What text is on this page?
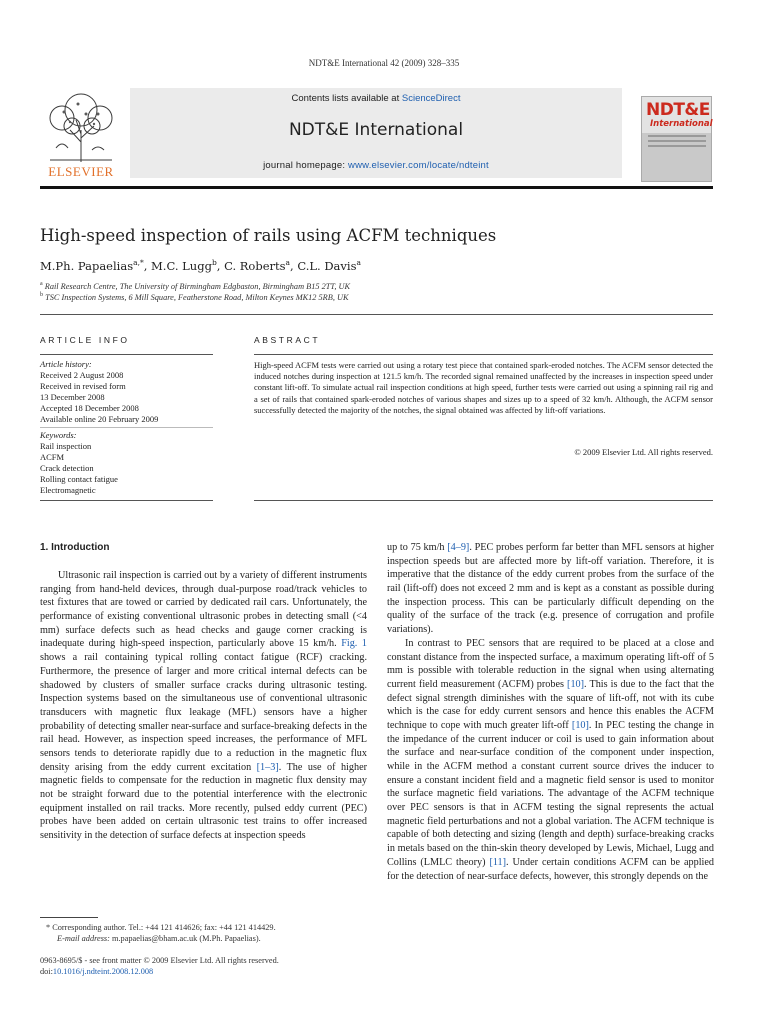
NDT&E International 42 (2009) 328–335
ELSEVIER
Contents lists available at ScienceDirect
NDT&E International
journal homepage: www.elsevier.com/locate/ndteint
NDT&E
International
High-speed inspection of rails using ACFM techniques
M.Ph. Papaelias$^{a,*}$, M.C. Lugg$^b$, C. Roberts$^a$, C.L. Davis$^a$
$^a$ Rail Research Centre, The University of Birmingham Edgbaston, Birmingham B15 2TT, UK
$^b$ TSC Inspection Systems, 6 Mill Square, Featherstone Road, Milton Keynes MK12 5RB, UK
ARTICLE INFO	ABSTRACT
Article history:
Received 2 August 2008
Received in revised form
13 December 2008
Accepted 18 December 2008
Available online 20 February 2009
Keywords:
Rail inspection
ACFM
Crack detection
Rolling contact fatigue
Electromagnetic
High-speed ACFM tests were carried out using a rotary test piece that contained spark-eroded notches. The ACFM sensor detected the induced notches during inspection at 121.5 km/h. The recorded signal remained unaffected by the increases in inspection speed under constant lift-off. To simulate actual rail inspection conditions at high speed, further tests were carried out using a spinning rail rig and a set of rails that contained spark-eroded notches of various shapes and sizes up to a speed of 32 km/h. Although, the ACFM sensor successfully detected the majority of the notches, the signal obtained was affected by lift-off variations.
© 2009 Elsevier Ltd. All rights reserved.
1. Introduction

Ultrasonic rail inspection is carried out by a variety of different instruments ranging from hand-held devices, through dual-purpose road/track vehicles to test fixtures that are towed or carried by dedicated rail cars. Unfortunately, the performance of existing conventional ultrasonic probes in detecting small (<4 mm) surface defects such as head checks and gauge corner cracking is inadequate during high-speed inspection, particularly above 15 km/h. Fig. 1 shows a rail containing typical rolling contact fatigue (RCF) cracking. Furthermore, the presence of larger and more critical internal defects can be shadowed by clusters of smaller surface cracks during ultrasonic testing. Inspection systems based on the simultaneous use of conventional ultrasonic transducers with magnetic flux leakage (MFL) sensors have a higher probability of detecting smaller near-surface and surface-breaking defects in the rail head. However, as inspection speed increases, the performance of MFL sensors tends to deteriorate rapidly due to a reduction in the magnetic flux density arising from the eddy current excitation [1–3]. The use of higher magnetic fields to compensate for the reduction in magnetic flux density may not be straight forward due to the potential interference with the electronic equipment installed on rail tracks. More recently, pulsed eddy current (PEC) probes have been added on certain ultrasonic test trains to offer increased sensitivity in the detection of surface defects at inspection speeds

up to 75 km/h [4–9]. PEC probes perform far better than MFL sensors at higher inspection speeds but are affected more by lift-off variation. Therefore, it is imperative that the distance of the eddy current probes from the surface of the rail (lift-off) does not exceed 2 mm and is kept as a constant as possible during the inspection process. This can be particularly difficult depending on the quality of the surface of the track (e.g. presence of corrugation and profile variations).

In contrast to PEC sensors that are required to be placed at a close and constant distance from the inspected surface, a maximum operating lift-off of 5 mm is possible with tolerable reduction in the signal when using alternating current field measurement (ACFM) probes [10]. This is due to the fact that the defect signal strength diminishes with the square of lift-off, not with its cube which is the case for eddy current sensors and hence this enables the ACFM technique to cope with much greater lift-off [10]. In PEC testing the change in the impedance of the current inducer or coil is used to gain information about the surface and near-surface condition of the component under inspection, while in the ACFM method a constant current source drives the inducer to ensure a constant incident field and a magnetic field sensor is used to monitor the surface magnetic field variations. The advantage of the ACFM technique over PEC sensors is that in ACFM testing the signal represents the actual magnetic field perturbations and not a global variation. The ACFM technique is capable of both detecting and sizing (length and depth) surface-breaking cracks in metals based on the thin-skin theory developed by Lewis, Michael, Lugg and Collins (LMLC theory) [11]. Under certain conditions ACFM can be applied for the detection of near-surface defects, however, this strongly depends on the

* Corresponding author. Tel.: +44 121 414626; fax: +44 121 414429.
E-mail address: m.papaelias@bham.ac.uk (M.Ph. Papaelias).
0963-8695/$ - see front matter © 2009 Elsevier Ltd. All rights reserved.
doi:10.1016/j.ndteint.2008.12.008
